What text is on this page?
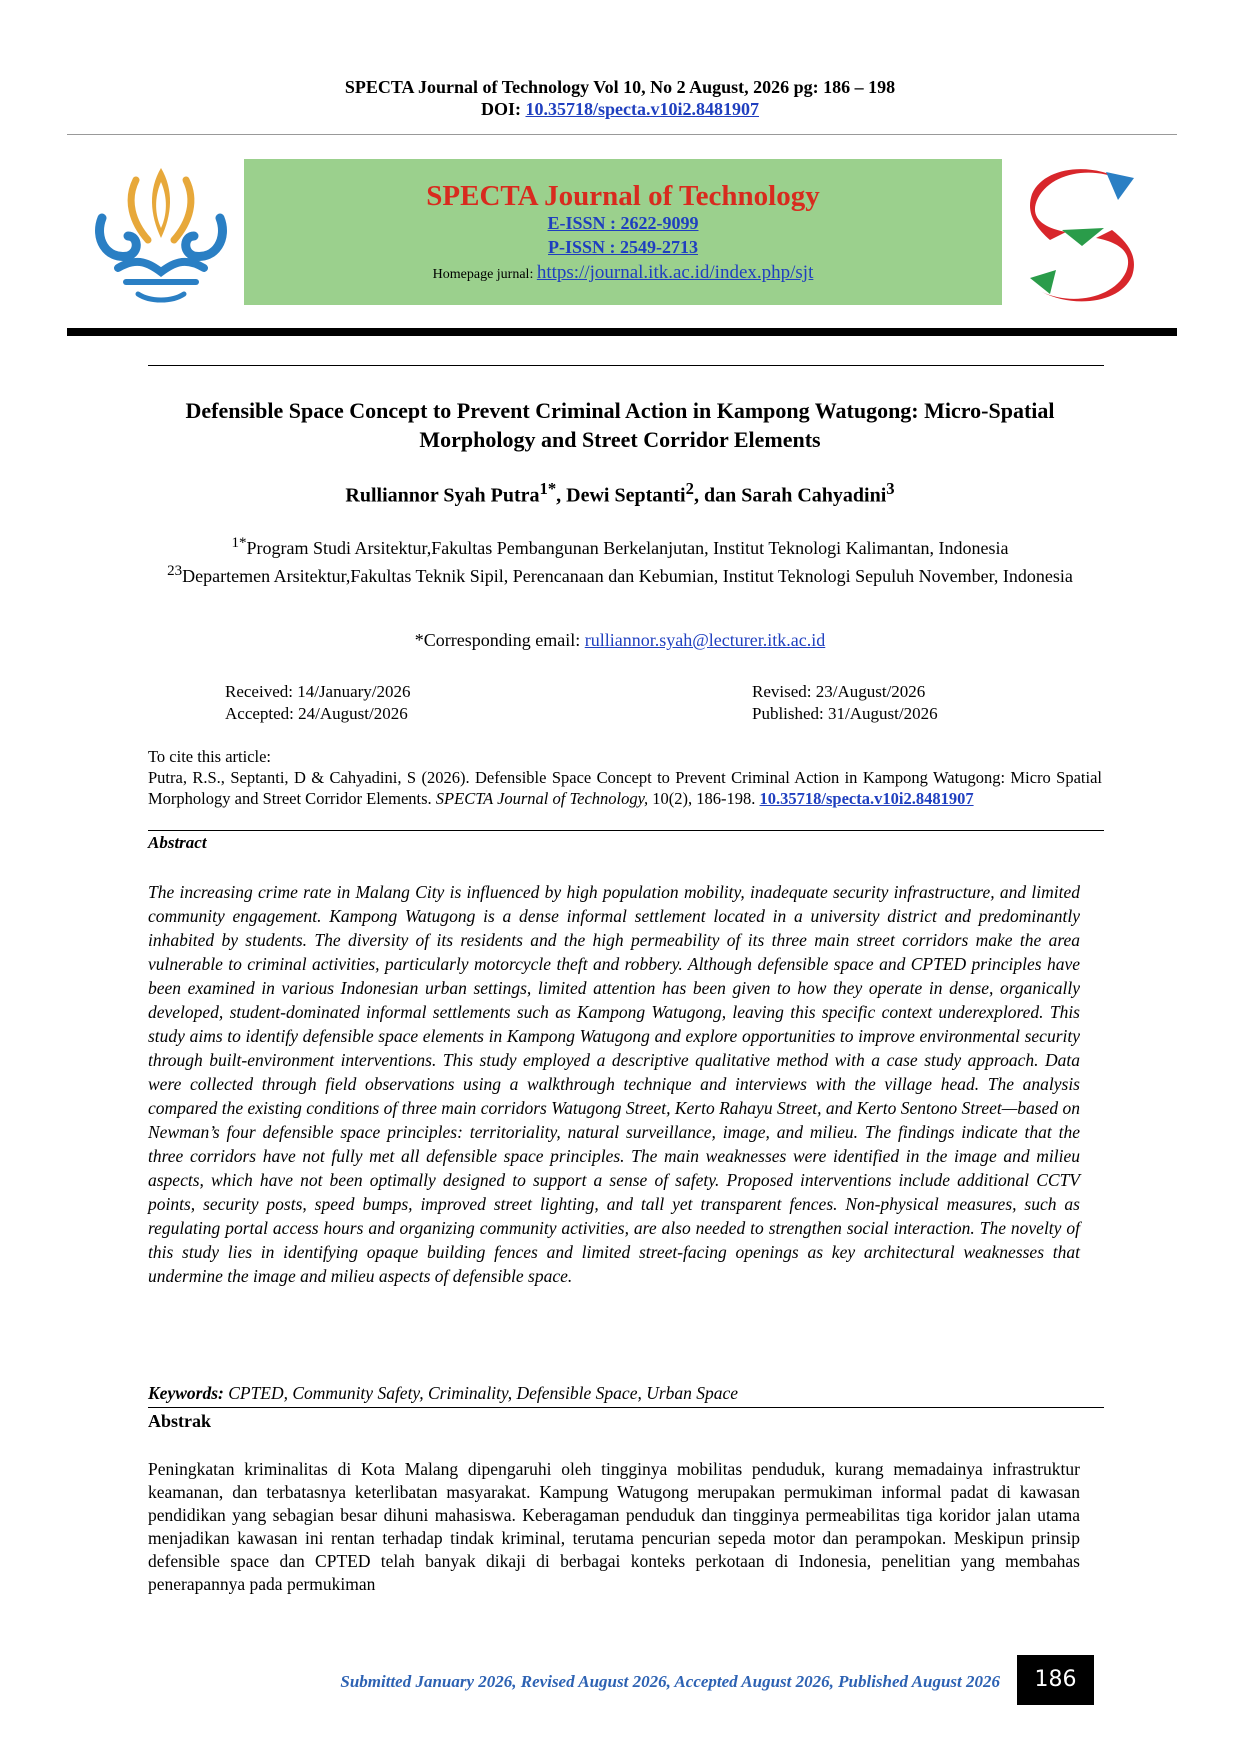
SPECTA Journal of Technology Vol 10, No 2 August, 2026 pg: 186 – 198
DOI: 10.35718/specta.v10i2.8481907
SPECTA Journal of Technology
E-ISSN : 2622-9099
P-ISSN : 2549-2713
Homepage jurnal: https://journal.itk.ac.id/index.php/sjt
Defensible Space Concept to Prevent Criminal Action in Kampong Watugong: Micro-Spatial Morphology and Street Corridor Elements
Rulliannor Syah Putra$^{1*}$, Dewi Septanti$^2$, dan Sarah Cahyadini$^3$
$^{1*}$Program Studi Arsitektur,Fakultas Pembangunan Berkelanjutan, Institut Teknologi Kalimantan, Indonesia
$^{23}$Departemen Arsitektur,Fakultas Teknik Sipil, Perencanaan dan Kebumian, Institut Teknologi Sepuluh November, Indonesia
*Corresponding email: rulliannor.syah@lecturer.itk.ac.id
Received: 14/January/2026
Accepted: 24/August/2026
Revised: 23/August/2026
Published: 31/August/2026
To cite this article:
Putra, R.S., Septanti, D & Cahyadini, S (2026). Defensible Space Concept to Prevent Criminal Action in Kampong Watugong: Micro Spatial Morphology and Street Corridor Elements. SPECTA Journal of Technology, 10(2), 186-198. 10.35718/specta.v10i2.8481907
Abstract
The increasing crime rate in Malang City is influenced by high population mobility, inadequate security infrastructure, and limited community engagement. Kampong Watugong is a dense informal settlement located in a university district and predominantly inhabited by students. The diversity of its residents and the high permeability of its three main street corridors make the area vulnerable to criminal activities, particularly motorcycle theft and robbery. Although defensible space and CPTED principles have been examined in various Indonesian urban settings, limited attention has been given to how they operate in dense, organically developed, student-dominated informal settlements such as Kampong Watugong, leaving this specific context underexplored. This study aims to identify defensible space elements in Kampong Watugong and explore opportunities to improve environmental security through built-environment interventions. This study employed a descriptive qualitative method with a case study approach. Data were collected through field observations using a walkthrough technique and interviews with the village head. The analysis compared the existing conditions of three main corridors Watugong Street, Kerto Rahayu Street, and Kerto Sentono Street—based on Newman’s four defensible space principles: territoriality, natural surveillance, image, and milieu. The findings indicate that the three corridors have not fully met all defensible space principles. The main weaknesses were identified in the image and milieu aspects, which have not been optimally designed to support a sense of safety. Proposed interventions include additional CCTV points, security posts, speed bumps, improved street lighting, and tall yet transparent fences. Non-physical measures, such as regulating portal access hours and organizing community activities, are also needed to strengthen social interaction. The novelty of this study lies in identifying opaque building fences and limited street-facing openings as key architectural weaknesses that undermine the image and milieu aspects of defensible space.
Keywords: CPTED, Community Safety, Criminality, Defensible Space, Urban Space
Abstrak
Peningkatan kriminalitas di Kota Malang dipengaruhi oleh tingginya mobilitas penduduk, kurang memadainya infrastruktur keamanan, dan terbatasnya keterlibatan masyarakat. Kampung Watugong merupakan permukiman informal padat di kawasan pendidikan yang sebagian besar dihuni mahasiswa. Keberagaman penduduk dan tingginya permeabilitas tiga koridor jalan utama menjadikan kawasan ini rentan terhadap tindak kriminal, terutama pencurian sepeda motor dan perampokan. Meskipun prinsip defensible space dan CPTED telah banyak dikaji di berbagai konteks perkotaan di Indonesia, penelitian yang membahas penerapannya pada permukiman
Submitted January 2026, Revised August 2026, Accepted August 2026, Published August 2026	186
